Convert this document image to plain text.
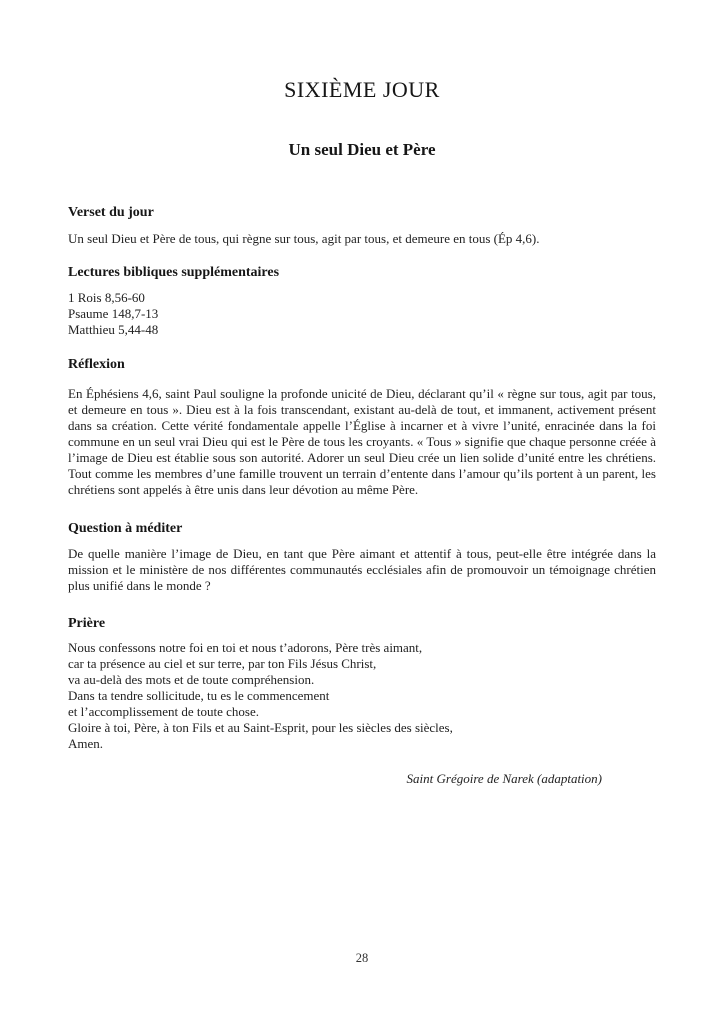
SIXIÈME JOUR
Un seul Dieu et Père
Verset du jour

Un seul Dieu et Père de tous, qui règne sur tous, agit par tous, et demeure en tous (Ép 4,6).

Lectures bibliques supplémentaires

1 Rois 8,56-60

Psaume 148,7-13

Matthieu 5,44-48

Réflexion

En Éphésiens 4,6, saint Paul souligne la profonde unicité de Dieu, déclarant qu’il « règne sur tous, agit par tous, et demeure en tous ». Dieu est à la fois transcendant, existant au-delà de tout, et immanent, activement présent dans sa création. Cette vérité fondamentale appelle l’Église à incarner et à vivre l’unité, enracinée dans la foi commune en un seul vrai Dieu qui est le Père de tous les croyants. « Tous » signifie que chaque personne créée à l’image de Dieu est établie sous son autorité. Adorer un seul Dieu crée un lien solide d’unité entre les chrétiens. Tout comme les membres d’une famille trouvent un terrain d’entente dans l’amour qu’ils portent à un parent, les chrétiens sont appelés à être unis dans leur dévotion au même Père.

Question à méditer

De quelle manière l’image de Dieu, en tant que Père aimant et attentif à tous, peut-elle être intégrée dans la mission et le ministère de nos différentes communautés ecclésiales afin de promouvoir un témoignage chrétien plus unifié dans le monde ?

Prière

Nous confessons notre foi en toi et nous t’adorons, Père très aimant,

car ta présence au ciel et sur terre, par ton Fils Jésus Christ,

va au-delà des mots et de toute compréhension.

Dans ta tendre sollicitude, tu es le commencement

et l’accomplissement de toute chose.

Gloire à toi, Père, à ton Fils et au Saint-Esprit, pour les siècles des siècles,

Amen.

Saint Grégoire de Narek (adaptation)

28
